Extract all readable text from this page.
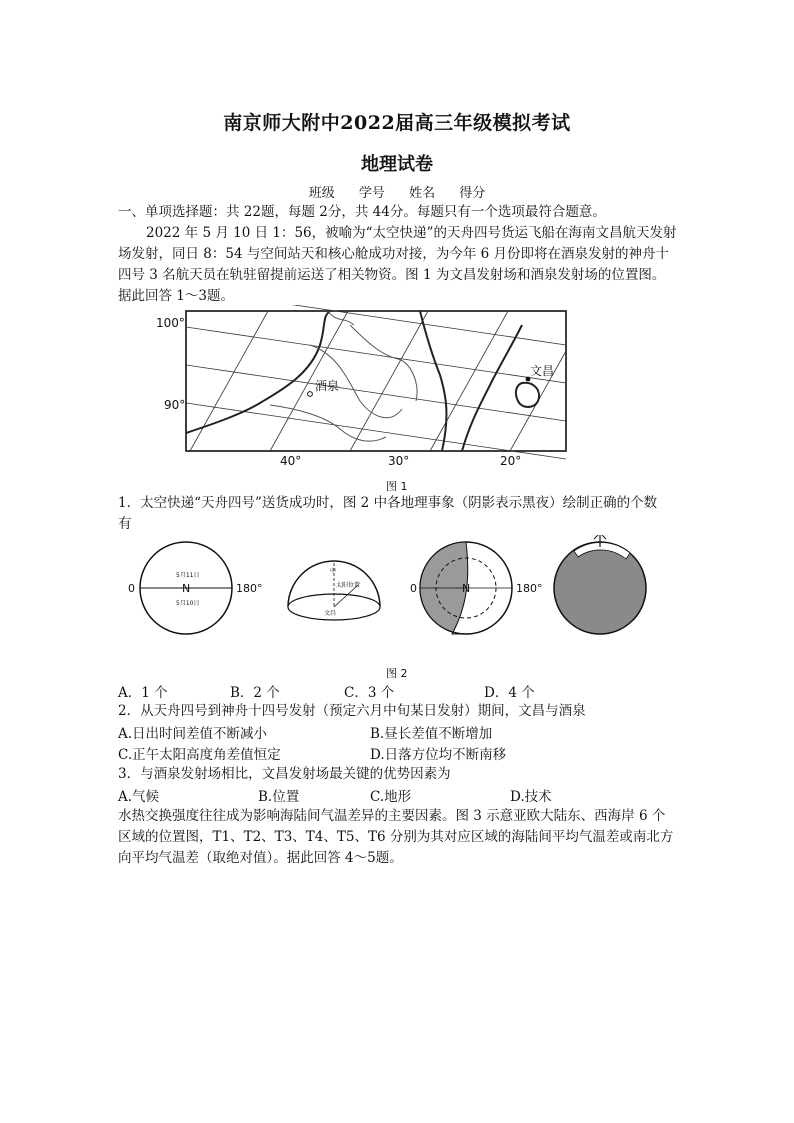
南京师大附中2022届高三年级模拟考试
地理试卷
班级 学号 姓名 得分
一、单项选择题：共 22题，每题 2分，共 44分。每题只有一个选项最符合题意。
2022 年 5 月 10 日 1：56，被喻为“太空快递”的天舟四号货运飞船在海南文昌航天发射
场发射，同日 8：54 与空间站天和核心舱成功对接，为今年 6 月份即将在酒泉发射的神舟十
四号 3 名航天员在轨驻留提前运送了相关物资。图 1 为文昌发射场和酒泉发射场的位置图。
据此回答 1～3题。
酒泉
文昌
100°
90°
40°	30°	20°
图 1
1．太空快递“天舟四号”送货成功时，图 2 中各地理事象（阴影表示黑夜）绘制正确的个数
有
0	180°
5月11日
N
5月10日
中
太阳位置
文昌
0	180°
N
图 2
A．1 个	B．2 个	C．3 个	D．4 个
2．从天舟四号到神舟十四号发射（预定六月中旬某日发射）期间，文昌与酒泉
A.日出时间差值不断减小	B.昼长差值不断增加
C.正午太阳高度角差值恒定	D.日落方位均不断南移
3．与酒泉发射场相比，文昌发射场最关键的优势因素为
A.气候	B.位置	C.地形	D.技术
水热交换强度往往成为影响海陆间气温差异的主要因素。图 3 示意亚欧大陆东、西海岸 6 个
区域的位置图，T1、T2、T3、T4、T5、T6 分别为其对应区域的海陆间平均气温差或南北方
向平均气温差（取绝对值）。据此回答 4～5题。
